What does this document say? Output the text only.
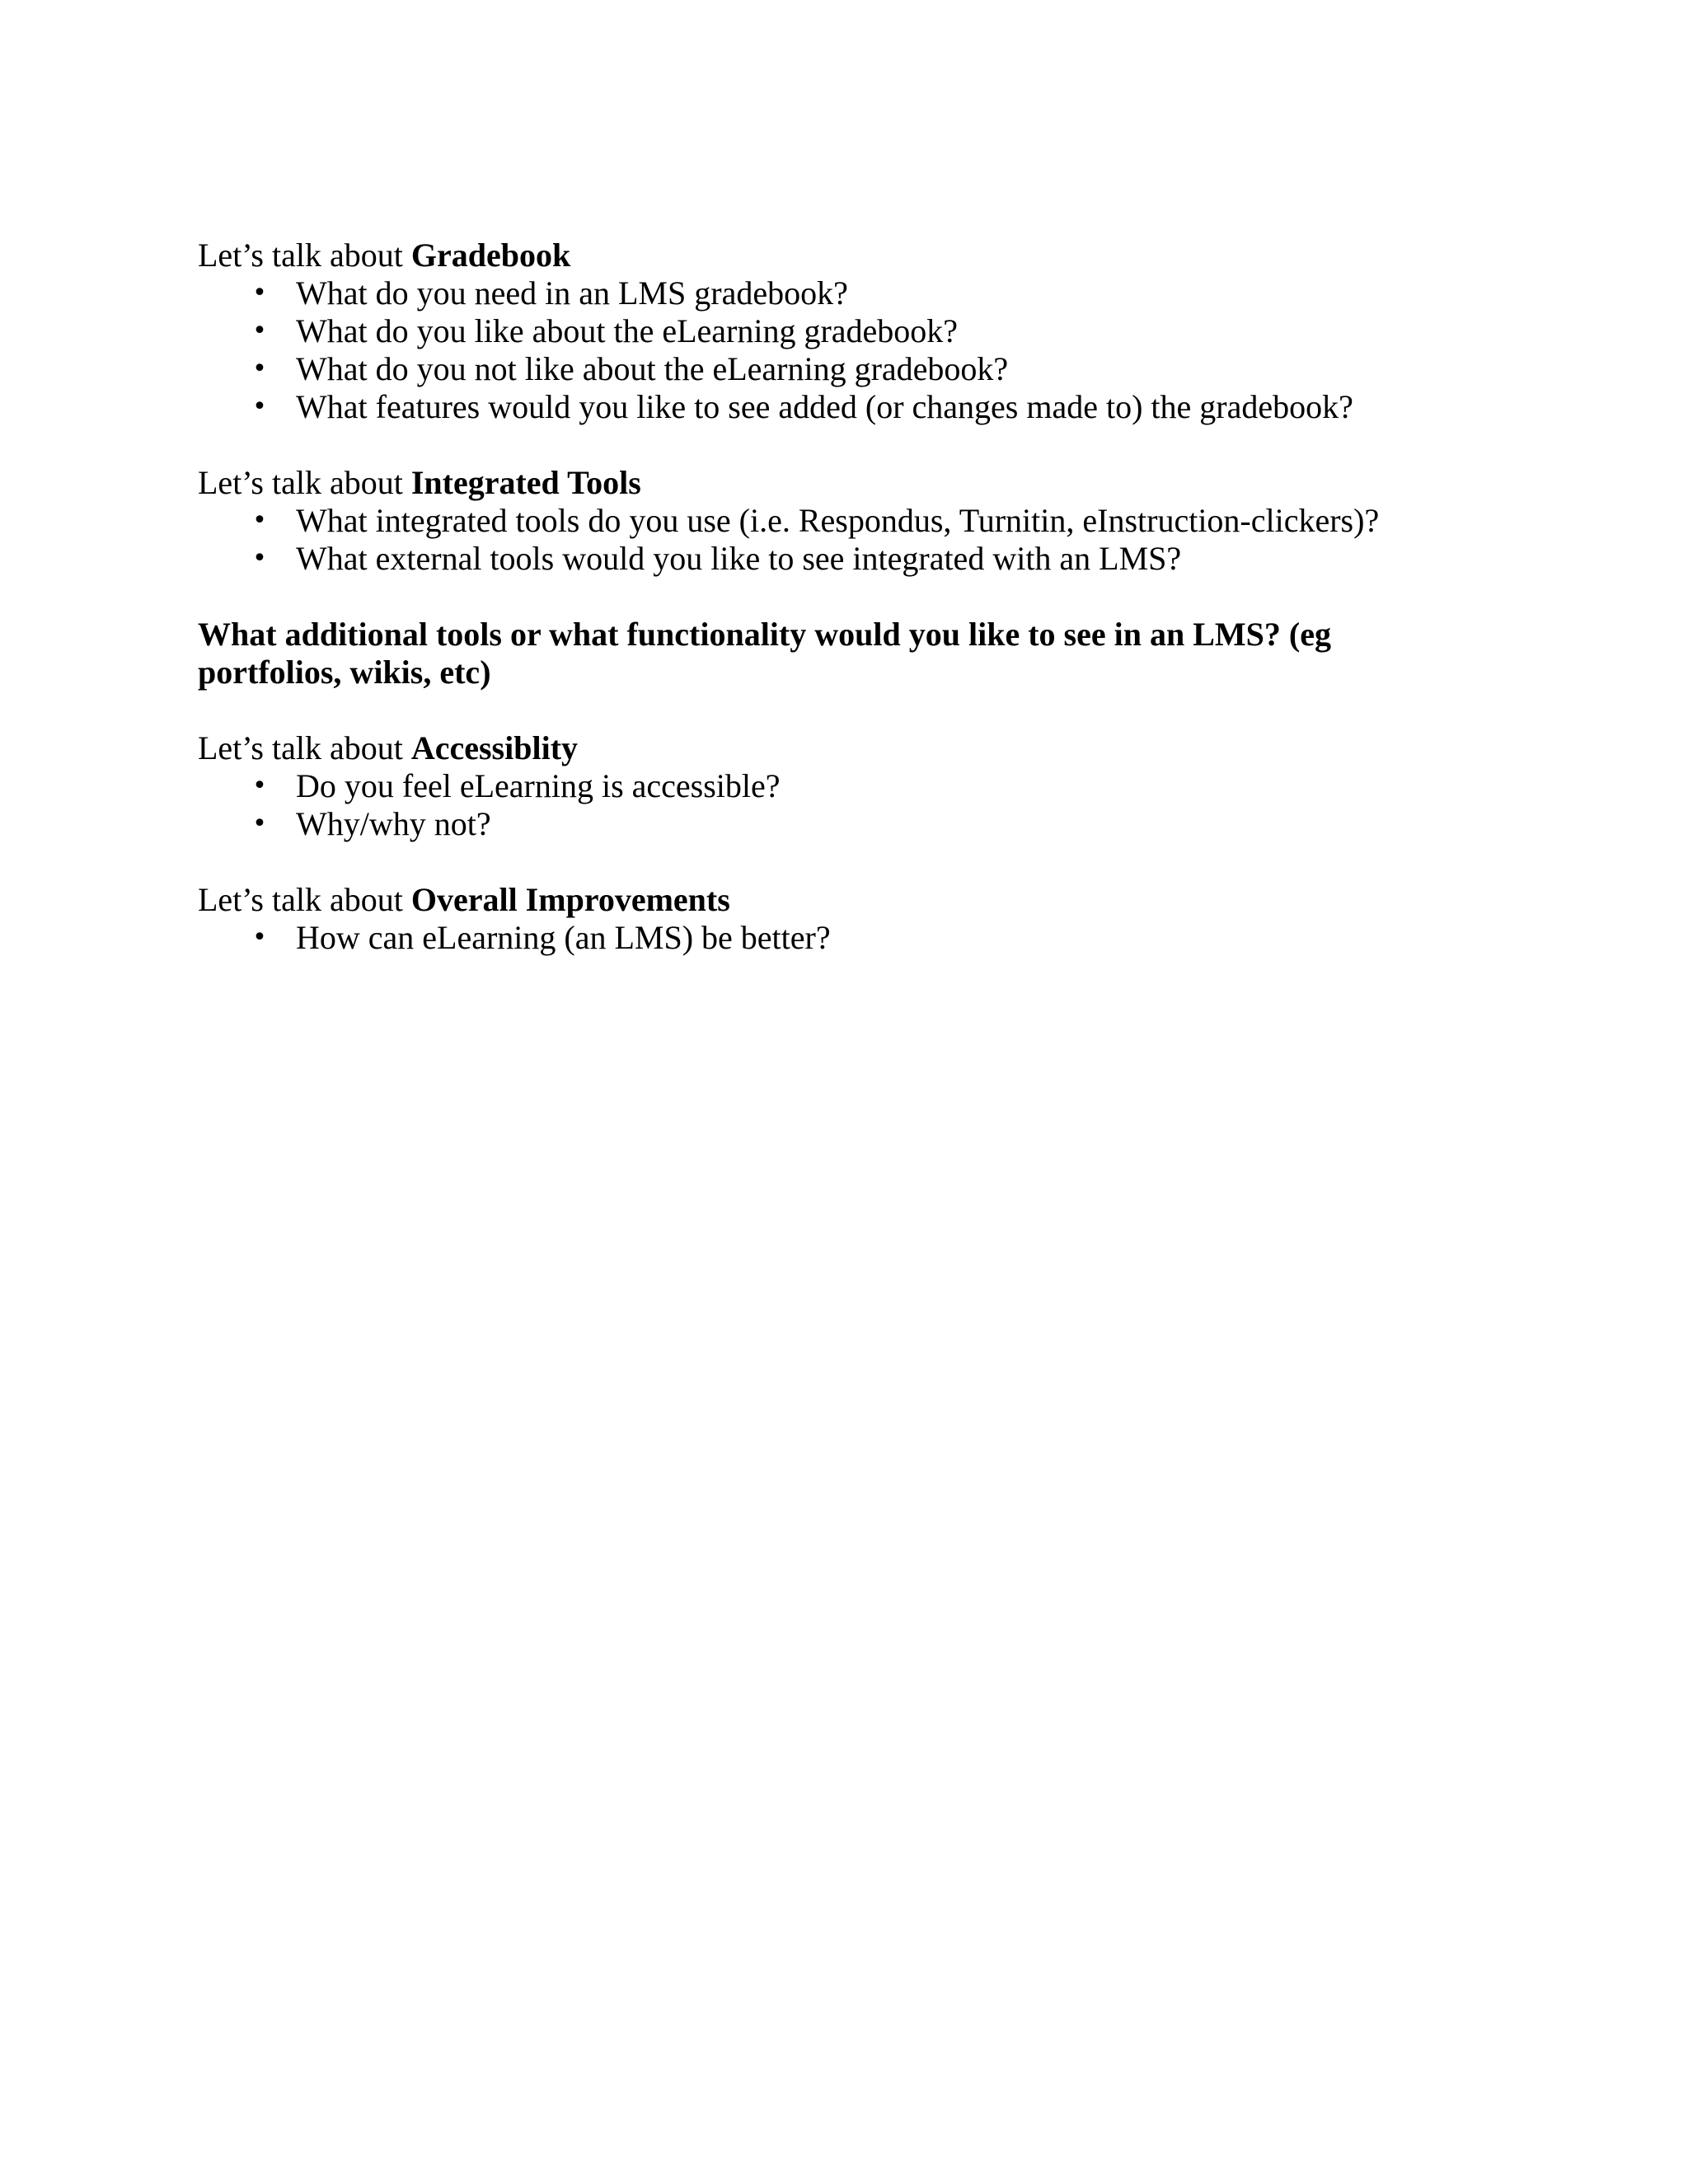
Let’s talk about Gradebook

• What do you need in an LMS gradebook?
• What do you like about the eLearning gradebook?
• What do you not like about the eLearning gradebook?
• What features would you like to see added (or changes made to) the gradebook?

Let’s talk about Integrated Tools

• What integrated tools do you use (i.e. Respondus, Turnitin, eInstruction-clickers)?
• What external tools would you like to see integrated with an LMS?

What additional tools or what functionality would you like to see in an LMS? (eg portfolios, wikis, etc)

Let’s talk about Accessiblity

• Do you feel eLearning is accessible?
• Why/why not?

Let’s talk about Overall Improvements

• How can eLearning (an LMS) be better?
